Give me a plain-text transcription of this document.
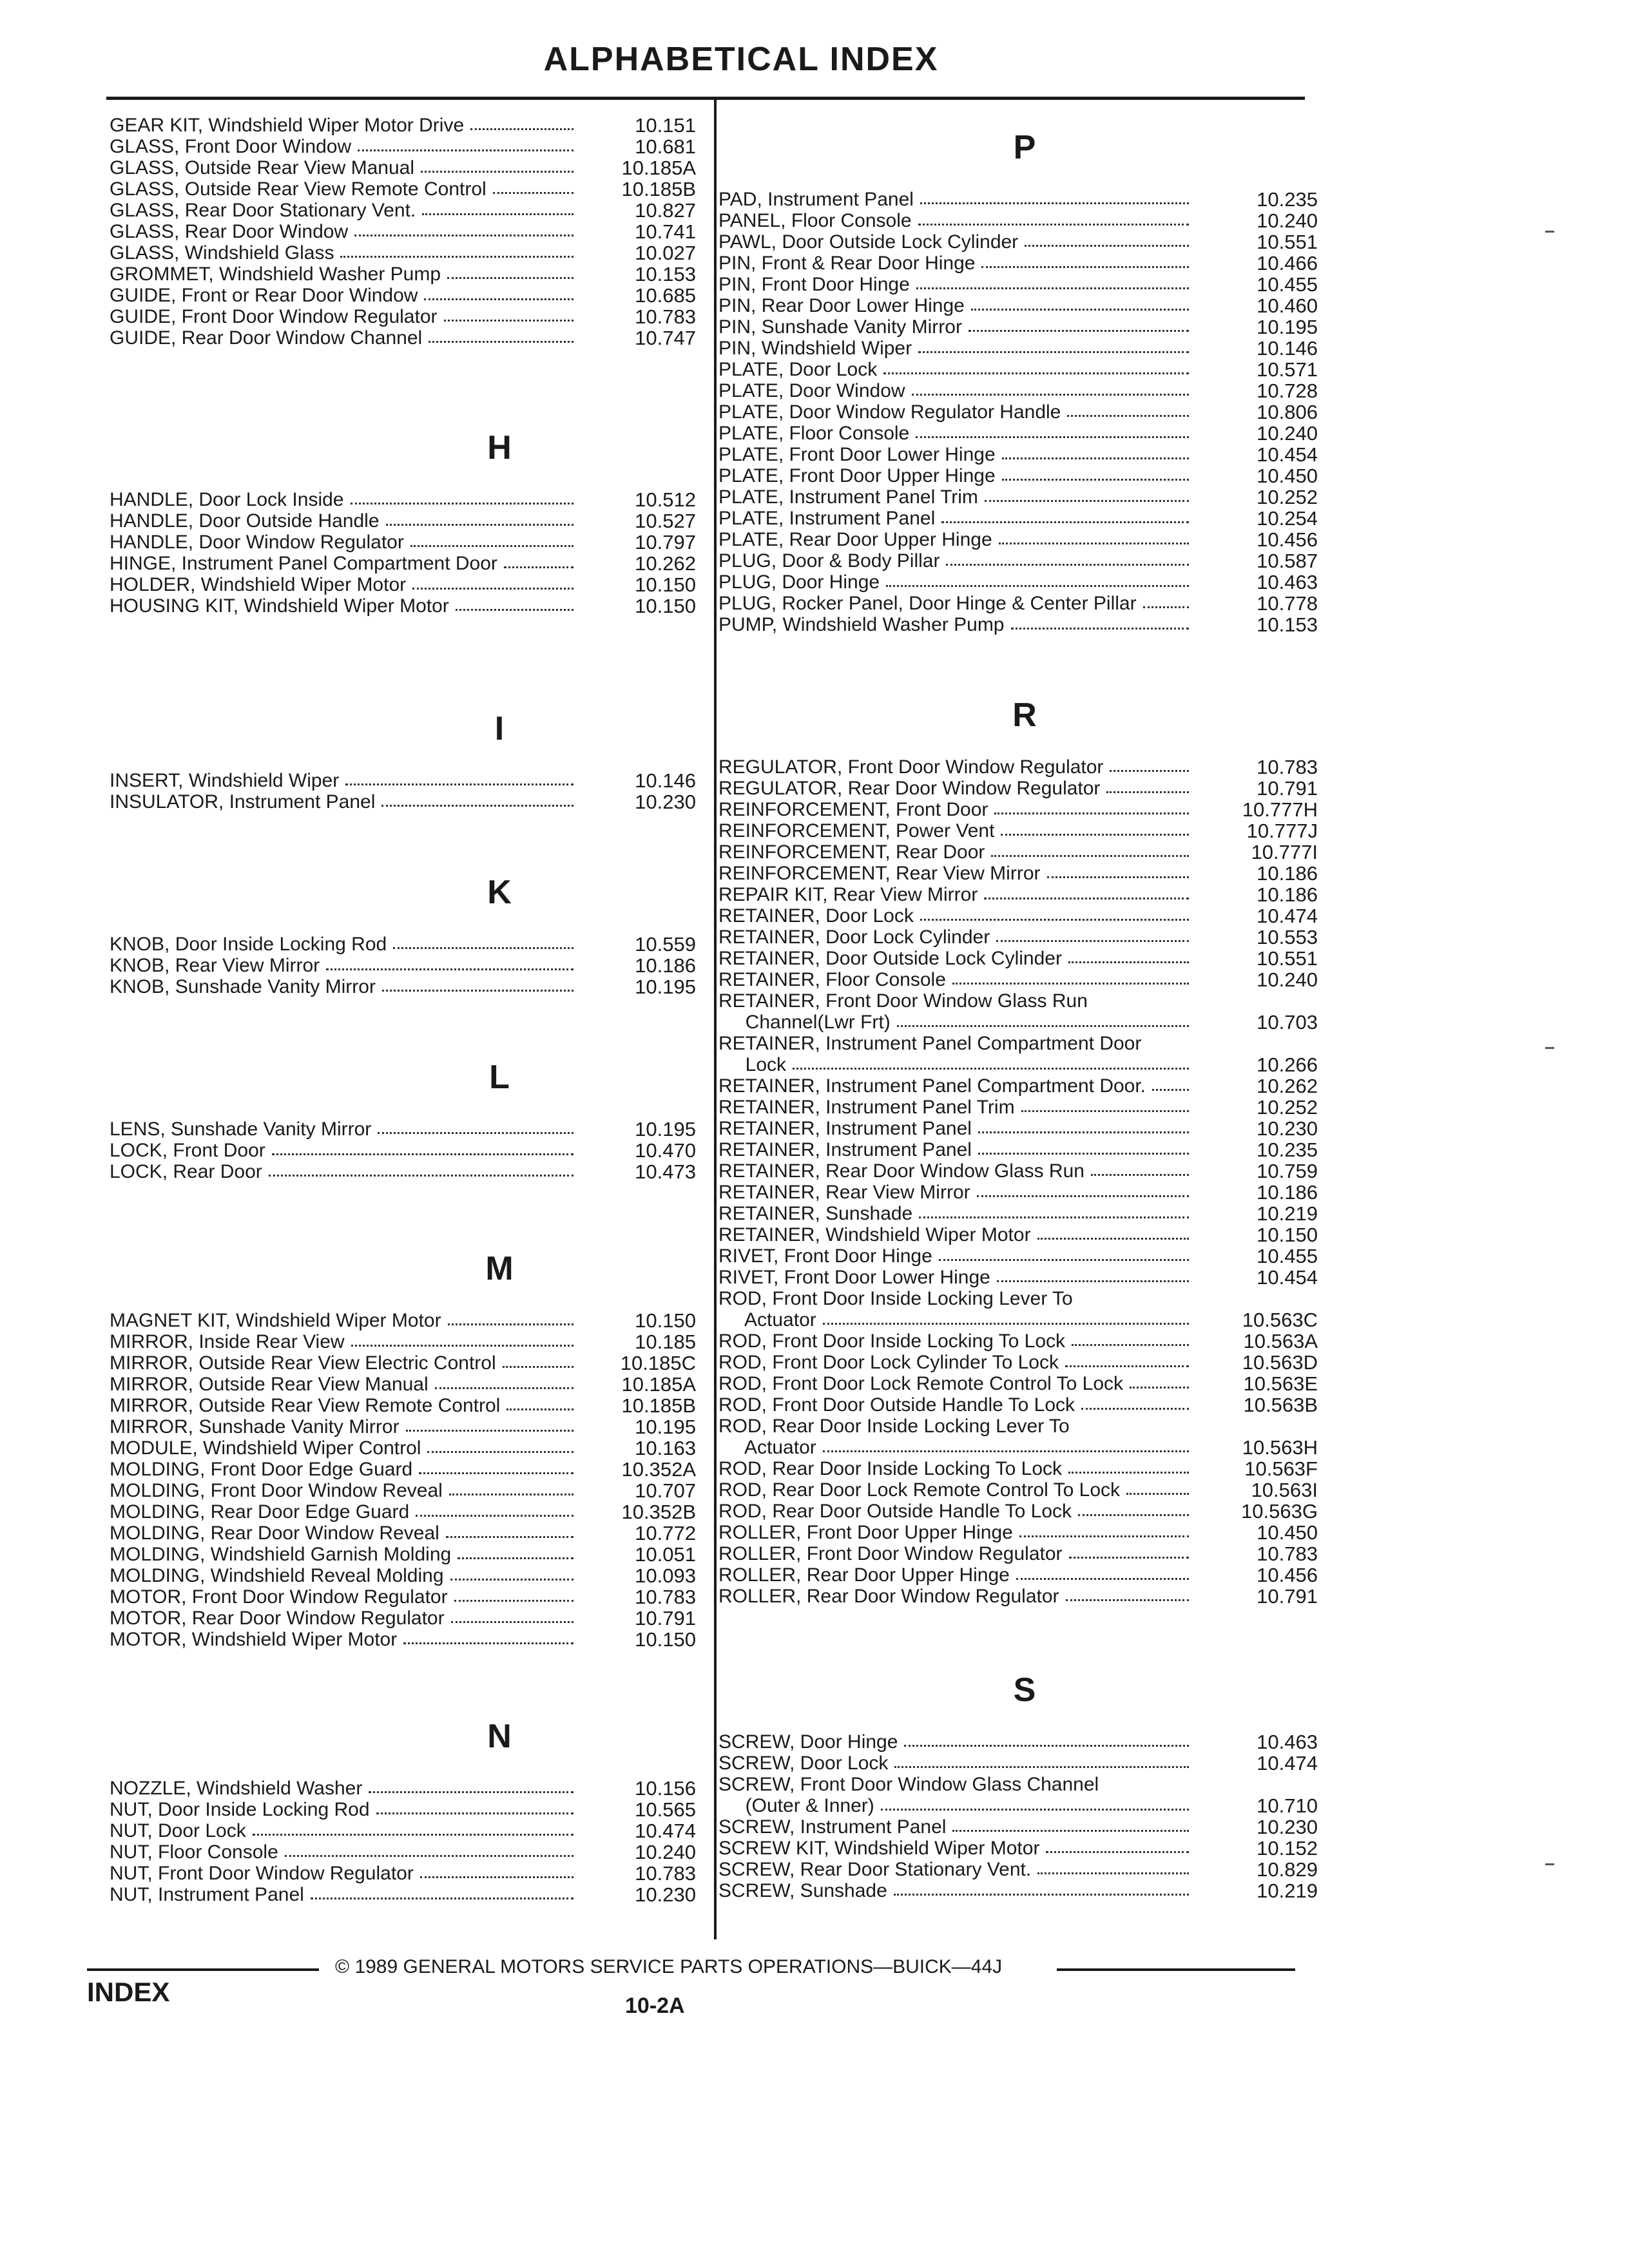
ALPHABETICAL INDEX
GEAR KIT, Windshield Wiper Motor Drive	10.151
GLASS, Front Door Window	10.681
GLASS, Outside Rear View Manual	10.185A
GLASS, Outside Rear View Remote Control	10.185B
GLASS, Rear Door Stationary Vent.	10.827
GLASS, Rear Door Window	10.741
GLASS, Windshield Glass	10.027
GROMMET, Windshield Washer Pump	10.153
GUIDE, Front or Rear Door Window	10.685
GUIDE, Front Door Window Regulator	10.783
GUIDE, Rear Door Window Channel	10.747
H
HANDLE, Door Lock Inside	10.512
HANDLE, Door Outside Handle	10.527
HANDLE, Door Window Regulator	10.797
HINGE, Instrument Panel Compartment Door	10.262
HOLDER, Windshield Wiper Motor	10.150
HOUSING KIT, Windshield Wiper Motor	10.150
I
INSERT, Windshield Wiper	10.146
INSULATOR, Instrument Panel	10.230
K
KNOB, Door Inside Locking Rod	10.559
KNOB, Rear View Mirror	10.186
KNOB, Sunshade Vanity Mirror	10.195
L
LENS, Sunshade Vanity Mirror	10.195
LOCK, Front Door	10.470
LOCK, Rear Door	10.473
M
MAGNET KIT, Windshield Wiper Motor	10.150
MIRROR, Inside Rear View	10.185
MIRROR, Outside Rear View Electric Control	10.185C
MIRROR, Outside Rear View Manual	10.185A
MIRROR, Outside Rear View Remote Control	10.185B
MIRROR, Sunshade Vanity Mirror	10.195
MODULE, Windshield Wiper Control	10.163
MOLDING, Front Door Edge Guard	10.352A
MOLDING, Front Door Window Reveal	10.707
MOLDING, Rear Door Edge Guard	10.352B
MOLDING, Rear Door Window Reveal	10.772
MOLDING, Windshield Garnish Molding	10.051
MOLDING, Windshield Reveal Molding	10.093
MOTOR, Front Door Window Regulator	10.783
MOTOR, Rear Door Window Regulator	10.791
MOTOR, Windshield Wiper Motor	10.150
N
NOZZLE, Windshield Washer	10.156
NUT, Door Inside Locking Rod	10.565
NUT, Door Lock	10.474
NUT, Floor Console	10.240
NUT, Front Door Window Regulator	10.783
NUT, Instrument Panel	10.230
P
PAD, Instrument Panel	10.235
PANEL, Floor Console	10.240
PAWL, Door Outside Lock Cylinder	10.551
PIN, Front & Rear Door Hinge	10.466
PIN, Front Door Hinge	10.455
PIN, Rear Door Lower Hinge	10.460
PIN, Sunshade Vanity Mirror	10.195
PIN, Windshield Wiper	10.146
PLATE, Door Lock	10.571
PLATE, Door Window	10.728
PLATE, Door Window Regulator Handle	10.806
PLATE, Floor Console	10.240
PLATE, Front Door Lower Hinge	10.454
PLATE, Front Door Upper Hinge	10.450
PLATE, Instrument Panel Trim	10.252
PLATE, Instrument Panel	10.254
PLATE, Rear Door Upper Hinge	10.456
PLUG, Door & Body Pillar	10.587
PLUG, Door Hinge	10.463
PLUG, Rocker Panel, Door Hinge & Center Pillar	10.778
PUMP, Windshield Washer Pump	10.153
R
REGULATOR, Front Door Window Regulator	10.783
REGULATOR, Rear Door Window Regulator	10.791
REINFORCEMENT, Front Door	10.777H
REINFORCEMENT, Power Vent	10.777J
REINFORCEMENT, Rear Door	10.777I
REINFORCEMENT, Rear View Mirror	10.186
REPAIR KIT, Rear View Mirror	10.186
RETAINER, Door Lock	10.474
RETAINER, Door Lock Cylinder	10.553
RETAINER, Door Outside Lock Cylinder	10.551
RETAINER, Floor Console	10.240
RETAINER, Front Door Window Glass Run
Channel(Lwr Frt)	10.703
RETAINER, Instrument Panel Compartment Door
Lock	10.266
RETAINER, Instrument Panel Compartment Door.	10.262
RETAINER, Instrument Panel Trim	10.252
RETAINER, Instrument Panel	10.230
RETAINER, Instrument Panel	10.235
RETAINER, Rear Door Window Glass Run	10.759
RETAINER, Rear View Mirror	10.186
RETAINER, Sunshade	10.219
RETAINER, Windshield Wiper Motor	10.150
RIVET, Front Door Hinge	10.455
RIVET, Front Door Lower Hinge	10.454
ROD, Front Door Inside Locking Lever To
Actuator	10.563C
ROD, Front Door Inside Locking To Lock	10.563A
ROD, Front Door Lock Cylinder To Lock	10.563D
ROD, Front Door Lock Remote Control To Lock	10.563E
ROD, Front Door Outside Handle To Lock	10.563B
ROD, Rear Door Inside Locking Lever To
Actuator	10.563H
ROD, Rear Door Inside Locking To Lock	10.563F
ROD, Rear Door Lock Remote Control To Lock	10.563I
ROD, Rear Door Outside Handle To Lock	10.563G
ROLLER, Front Door Upper Hinge	10.450
ROLLER, Front Door Window Regulator	10.783
ROLLER, Rear Door Upper Hinge	10.456
ROLLER, Rear Door Window Regulator	10.791
S
SCREW, Door Hinge	10.463
SCREW, Door Lock	10.474
SCREW, Front Door Window Glass Channel
(Outer & Inner)	10.710
SCREW, Instrument Panel	10.230
SCREW KIT, Windshield Wiper Motor	10.152
SCREW, Rear Door Stationary Vent.	10.829
SCREW, Sunshade	10.219
© 1989 GENERAL MOTORS SERVICE PARTS OPERATIONS—BUICK—44J
INDEX	10-2A
